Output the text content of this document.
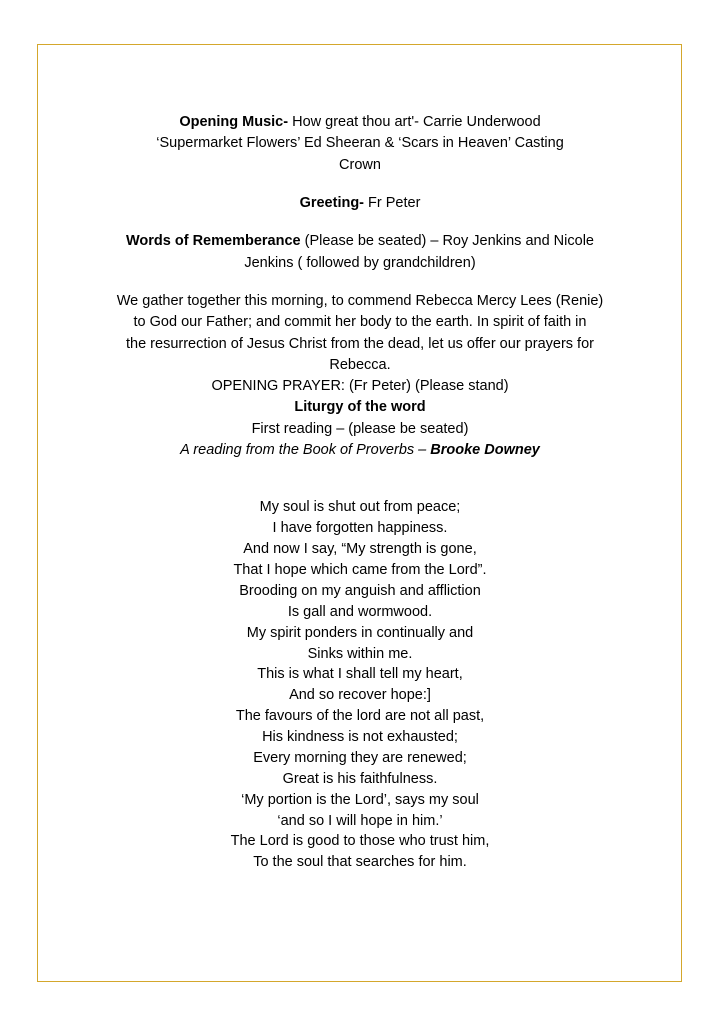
Opening Music- How great thou art'- Carrie Underwood

‘Supermarket Flowers’ Ed Sheeran & ‘Scars in Heaven’ Casting

Crown

Greeting- Fr Peter

Words of Rememberance (Please be seated) – Roy Jenkins and Nicole

Jenkins ( followed by grandchildren)

We gather together this morning, to commend Rebecca Mercy Lees (Renie)

to God our Father; and commit her body to the earth. In spirit of faith in

the resurrection of Jesus Christ from the dead, let us offer our prayers for

Rebecca.

OPENING PRAYER: (Fr Peter) (Please stand)

Liturgy of the word

First reading – (please be seated)

A reading from the Book of Proverbs – Brooke Downey

My soul is shut out from peace;
I have forgotten happiness.
And now I say, “My strength is gone,
That I hope which came from the Lord”.
Brooding on my anguish and affliction
Is gall and wormwood.
My spirit ponders in continually and
Sinks within me.
This is what I shall tell my heart,
And so recover hope:]
The favours of the lord are not all past,
His kindness is not exhausted;
Every morning they are renewed;
Great is his faithfulness.
‘My portion is the Lord’, says my soul
‘and so I will hope in him.’
The Lord is good to those who trust him,
To the soul that searches for him.
